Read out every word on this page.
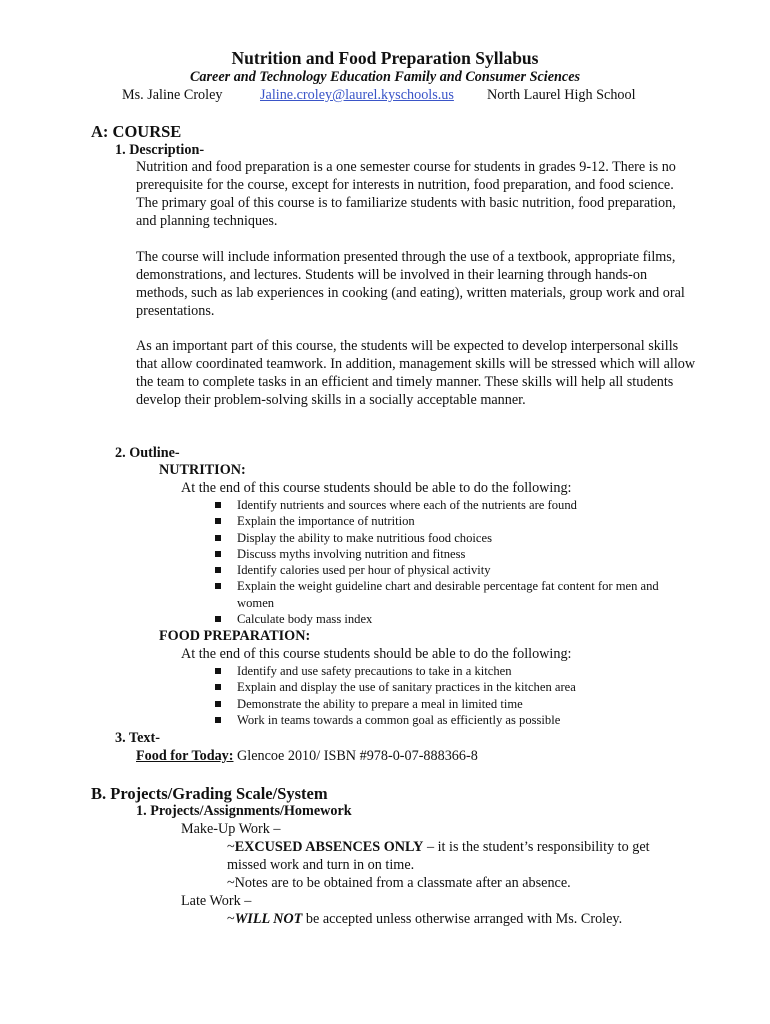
Nutrition and Food Preparation Syllabus
Career and Technology Education Family and Consumer Sciences
Ms. Jaline Croley	Jaline.croley@laurel.kyschools.us North Laurel High School
A: COURSE
1. Description-
Nutrition and food preparation is a one semester course for students in grades 9-12. There is no prerequisite for the course, except for interests in nutrition, food preparation, and food science. The primary goal of this course is to familiarize students with basic nutrition, food preparation, and planning techniques.
The course will include information presented through the use of a textbook, appropriate films, demonstrations, and lectures. Students will be involved in their learning through hands-on methods, such as lab experiences in cooking (and eating), written materials, group work and oral presentations.
As an important part of this course, the students will be expected to develop interpersonal skills that allow coordinated teamwork. In addition, management skills will be stressed which will allow the team to complete tasks in an efficient and timely manner. These skills will help all students develop their problem-solving skills in a socially acceptable manner.
2. Outline-
NUTRITION:
At the end of this course students should be able to do the following:
Identify nutrients and sources where each of the nutrients are found
Explain the importance of nutrition
Display the ability to make nutritious food choices
Discuss myths involving nutrition and fitness
Identify calories used per hour of physical activity
Explain the weight guideline chart and desirable percentage fat content for men and women
Calculate body mass index
FOOD PREPARATION:
At the end of this course students should be able to do the following:
Identify and use safety precautions to take in a kitchen
Explain and display the use of sanitary practices in the kitchen area
Demonstrate the ability to prepare a meal in limited time
Work in teams towards a common goal as efficiently as possible
3. Text-
Food for Today: Glencoe 2010/ ISBN #978-0-07-888366-8
B. Projects/Grading Scale/System
1. Projects/Assignments/Homework
Make-Up Work –
~EXCUSED ABSENCES ONLY – it is the student’s responsibility to get
missed work and turn in on time.
~Notes are to be obtained from a classmate after an absence.
Late Work –
~WILL NOT be accepted unless otherwise arranged with Ms. Croley.
